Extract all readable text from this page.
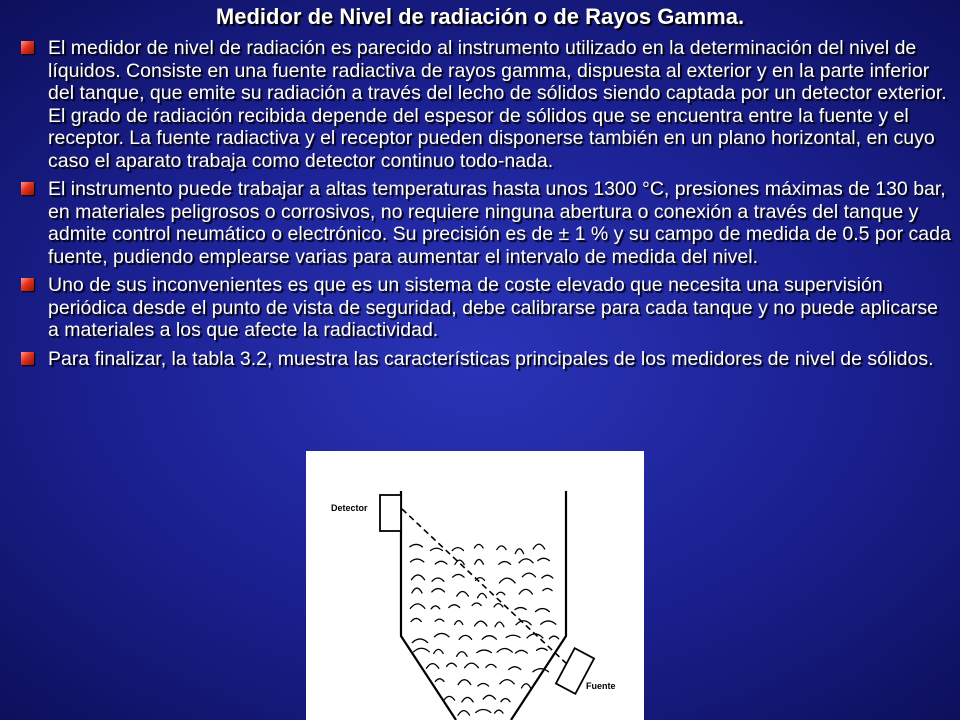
Medidor de Nivel de radiación o de Rayos Gamma.
El medidor de nivel de radiación es parecido al instrumento utilizado en la determinación del nivel de líquidos. Consiste en una fuente radiactiva de rayos gamma, dispuesta al exterior y en la parte inferior del tanque, que emite su radiación a través del lecho de sólidos siendo captada por un detector exterior. El grado de radiación recibida depende del espesor de sólidos que se encuentra entre la fuente y el receptor. La fuente radiactiva y el receptor pueden disponerse también en un plano horizontal, en cuyo caso el aparato trabaja como detector continuo todo-nada.
El instrumento puede trabajar a altas temperaturas hasta unos 1300 °C, presiones máximas de 130 bar, en materiales peligrosos o corrosivos, no requiere ninguna abertura o conexión a través del tanque y admite control neumático o electrónico. Su precisión es de ± 1 % y su campo de medida de 0.5 por cada fuente, pudiendo emplearse varias para aumentar el intervalo de medida del nivel.
Uno de sus inconvenientes es que es un sistema de coste elevado que necesita una supervisión periódica desde el punto de vista de seguridad, debe calibrarse para cada tanque y no puede aplicarse a materiales a los que afecte la radiactividad.
Para finalizar, la tabla 3.2, muestra las características principales de los medidores de nivel de sólidos.
Detector
Fuente
